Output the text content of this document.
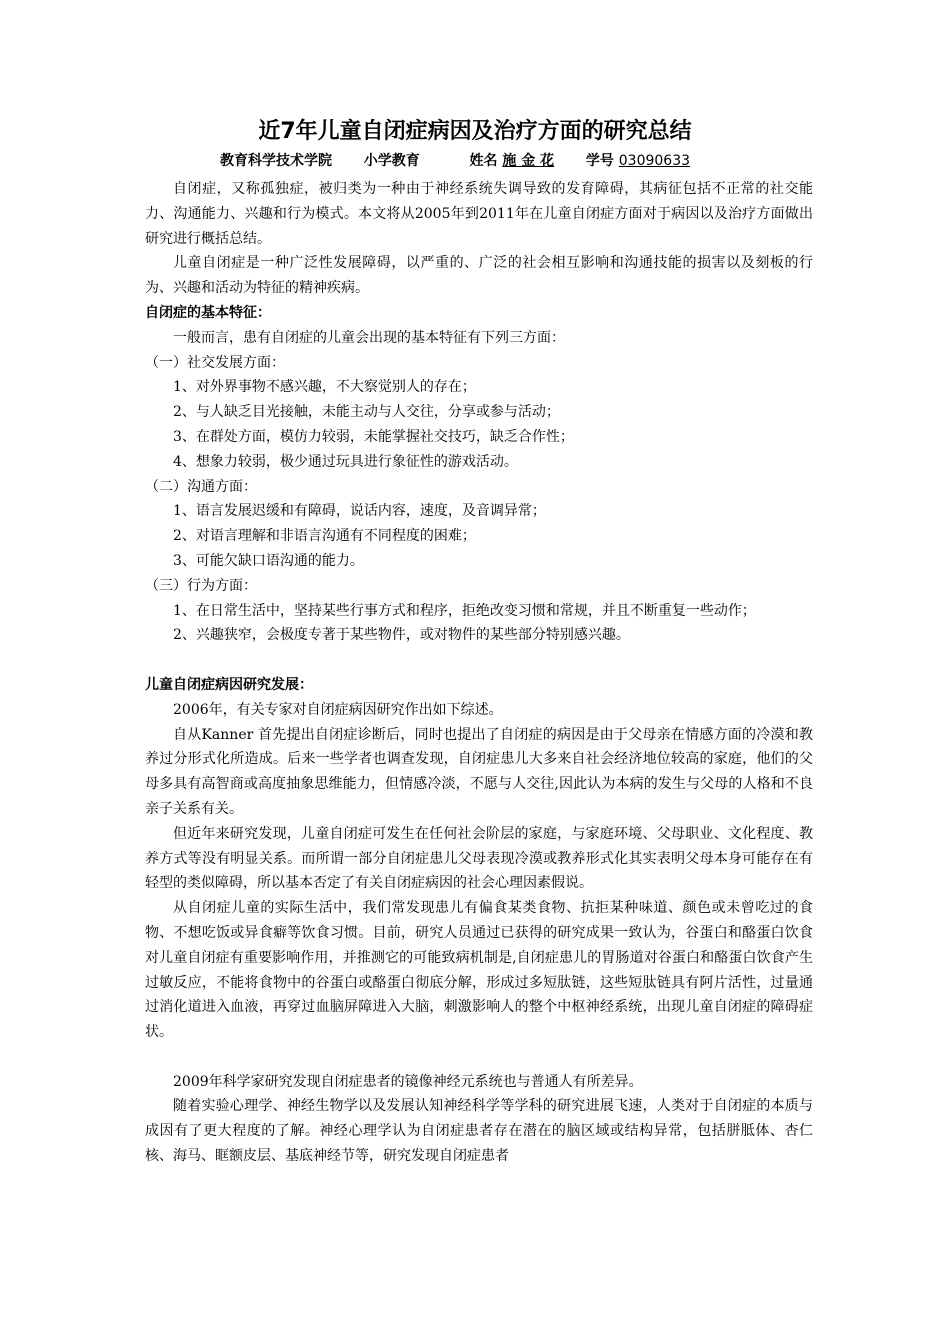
近7年儿童自闭症病因及治疗方面的研究总结
教育科学技术学院 小学教育	姓名 施 金 花 学号 03090633

自闭症，又称孤独症，被归类为一种由于神经系统失调导致的发育障碍，其病征包括不正常的社交能力、沟通能力、兴趣和行为模式。本文将从2005年到2011年在儿童自闭症方面对于病因以及治疗方面做出研究进行概括总结。

儿童自闭症是一种广泛性发展障碍，以严重的、广泛的社会相互影响和沟通技能的损害以及刻板的行为、兴趣和活动为特征的精神疾病。

自闭症的基本特征：

一般而言，患有自闭症的儿童会出现的基本特征有下列三方面：

（一）社交发展方面：

1、对外界事物不感兴趣，不大察觉别人的存在；

2、与人缺乏目光接触，未能主动与人交往，分享或参与活动；

3、在群处方面，模仿力较弱，未能掌握社交技巧，缺乏合作性；

4、想象力较弱，极少通过玩具进行象征性的游戏活动。

（二）沟通方面：

1、语言发展迟缓和有障碍，说话内容，速度，及音调异常；

2、对语言理解和非语言沟通有不同程度的困难；

3、可能欠缺口语沟通的能力。

（三）行为方面：

1、在日常生活中，坚持某些行事方式和程序，拒绝改变习惯和常规，并且不断重复一些动作；

2、兴趣狭窄，会极度专著于某些物件，或对物件的某些部分特别感兴趣。

儿童自闭症病因研究发展：

2006年，有关专家对自闭症病因研究作出如下综述。

自从Kanner 首先提出自闭症诊断后，同时也提出了自闭症的病因是由于父母亲在情感方面的冷漠和教养过分形式化所造成。后来一些学者也调查发现，自闭症患儿大多来自社会经济地位较高的家庭，他们的父母多具有高智商或高度抽象思维能力，但情感冷淡，不愿与人交往,因此认为本病的发生与父母的人格和不良亲子关系有关。

但近年来研究发现，儿童自闭症可发生在任何社会阶层的家庭，与家庭环境、父母职业、文化程度、教养方式等没有明显关系。而所谓一部分自闭症患儿父母表现冷漠或教养形式化其实表明父母本身可能存在有轻型的类似障碍，所以基本否定了有关自闭症病因的社会心理因素假说。

从自闭症儿童的实际生活中，我们常发现患儿有偏食某类食物、抗拒某种味道、颜色或未曾吃过的食物、不想吃饭或异食癖等饮食习惯。目前，研究人员通过已获得的研究成果一致认为，谷蛋白和酪蛋白饮食对儿童自闭症有重要影响作用，并推测它的可能致病机制是,自闭症患儿的胃肠道对谷蛋白和酪蛋白饮食产生过敏反应，不能将食物中的谷蛋白或酪蛋白彻底分解，形成过多短肽链，这些短肽链具有阿片活性，过量通过消化道进入血液，再穿过血脑屏障进入大脑，刺激影响人的整个中枢神经系统，出现儿童自闭症的障碍症状。

2009年科学家研究发现自闭症患者的镜像神经元系统也与普通人有所差异。

随着实验心理学、神经生物学以及发展认知神经科学等学科的研究进展飞速，人类对于自闭症的本质与成因有了更大程度的了解。神经心理学认为自闭症患者存在潜在的脑区域或结构异常，包括胼胝体、杏仁核、海马、眶额皮层、基底神经节等，研究发现自闭症患者
